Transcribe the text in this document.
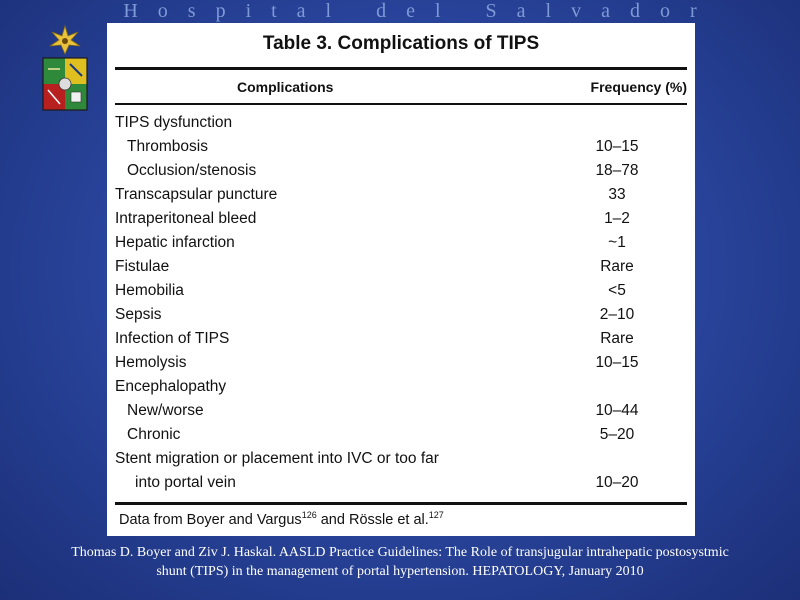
Hospital del Salvador
Table 3. Complications of TIPS
Complications	Frequency (%)
TIPS dysfunction
Thrombosis	10–15
Occlusion/stenosis	18–78
Transcapsular puncture	33
Intraperitoneal bleed	1–2
Hepatic infarction	~1
Fistulae	Rare
Hemobilia	<5
Sepsis	2–10
Infection of TIPS	Rare
Hemolysis	10–15
Encephalopathy
New/worse	10–44
Chronic	5–20
Stent migration or placement into IVC or too far
into portal vein	10–20
Data from Boyer and Vargus$^{126}$ and Rössle et al.$^{127}$
Thomas D. Boyer and Ziv J. Haskal. AASLD Practice Guidelines: The Role of transjugular intrahepatic postosystmic
shunt (TIPS) in the management of portal hypertension. HEPATOLOGY, January 2010
